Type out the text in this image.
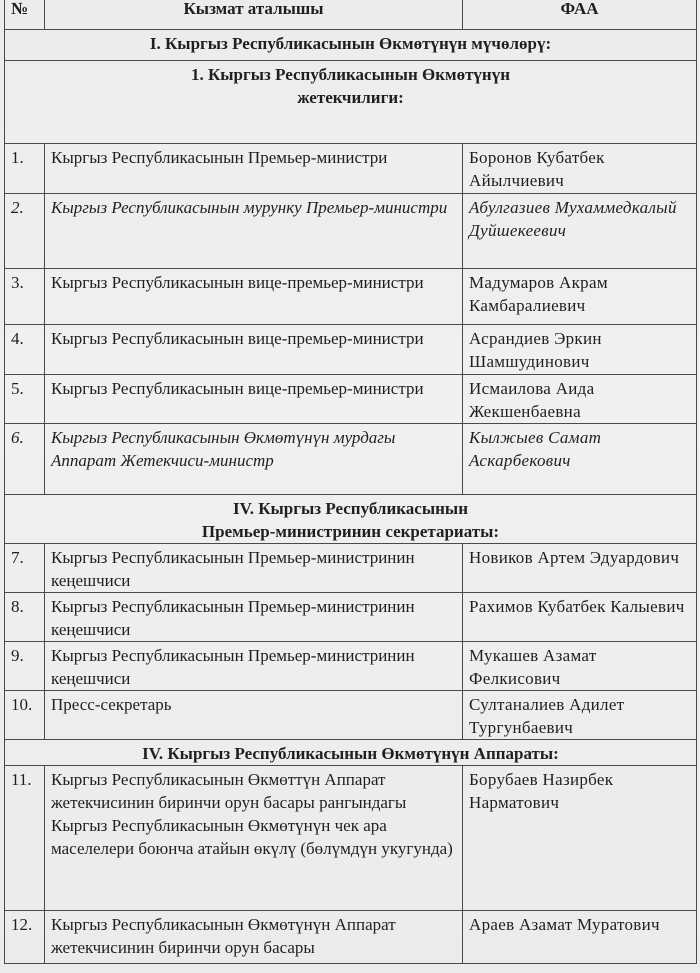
№	Кызмат аталышы	ФАА
I. Кыргыз Республикасынын Өкмөтүнүн мүчөлөрү:		

1. Кыргыз Республикасынын Өкмөтүнүн
жетекчилиги:		

1.	Кыргыз Республикасынын Премьер-министри	Боронов Кубатбек Айылчиевич
2.	Кыргыз Республикасынын мурунку Премьер-министри	Абулгазиев Мухаммедкалый Дуйшекеевич
3.	Кыргыз Республикасынын вице-премьер-министри	Мадумаров Акрам Камбаралиевич
4.	Кыргыз Республикасынын вице-премьер-министри	Асрандиев Эркин Шамшудинович
5.	Кыргыз Республикасынын вице-премьер-министри	Исмаилова Аида Жекшенбаевна
6.	Кыргыз Республикасынын Өкмөтүнүн мурдагы Аппарат Жетекчиси-министр	Кылжыев Самат Аскарбекович

IV. Кыргыз Республикасынын
Премьер-министринин секретариаты:		

7.	Кыргыз Республикасынын Премьер-министринин кеңешчиси	Новиков Артем Эдуардович
8.	Кыргыз Республикасынын Премьер-министринин кеңешчиси	Рахимов Кубатбек Калыевич
9.	Кыргыз Республикасынын Премьер-министринин кеңешчиси	Мукашев Азамат Фелкисович
10.	Пресс-секретарь	Султаналиев Адилет Тургунбаевич
IV. Кыргыз Республикасынын Өкмөтүнүн Аппараты:		
11.	Кыргыз Республикасынын Өкмөттүн Аппарат жетекчисинин биринчи орун басары рангындагы Кыргыз Республикасынын Өкмөтүнүн чек ара маселелери боюнча атайын өкүлү (бөлүмдүн укугунда)	Борубаев Назирбек Нарматович
12.	Кыргыз Республикасынын Өкмөтүнүн Аппарат жетекчисинин биринчи орун басары	Араев Азамат Муратович
